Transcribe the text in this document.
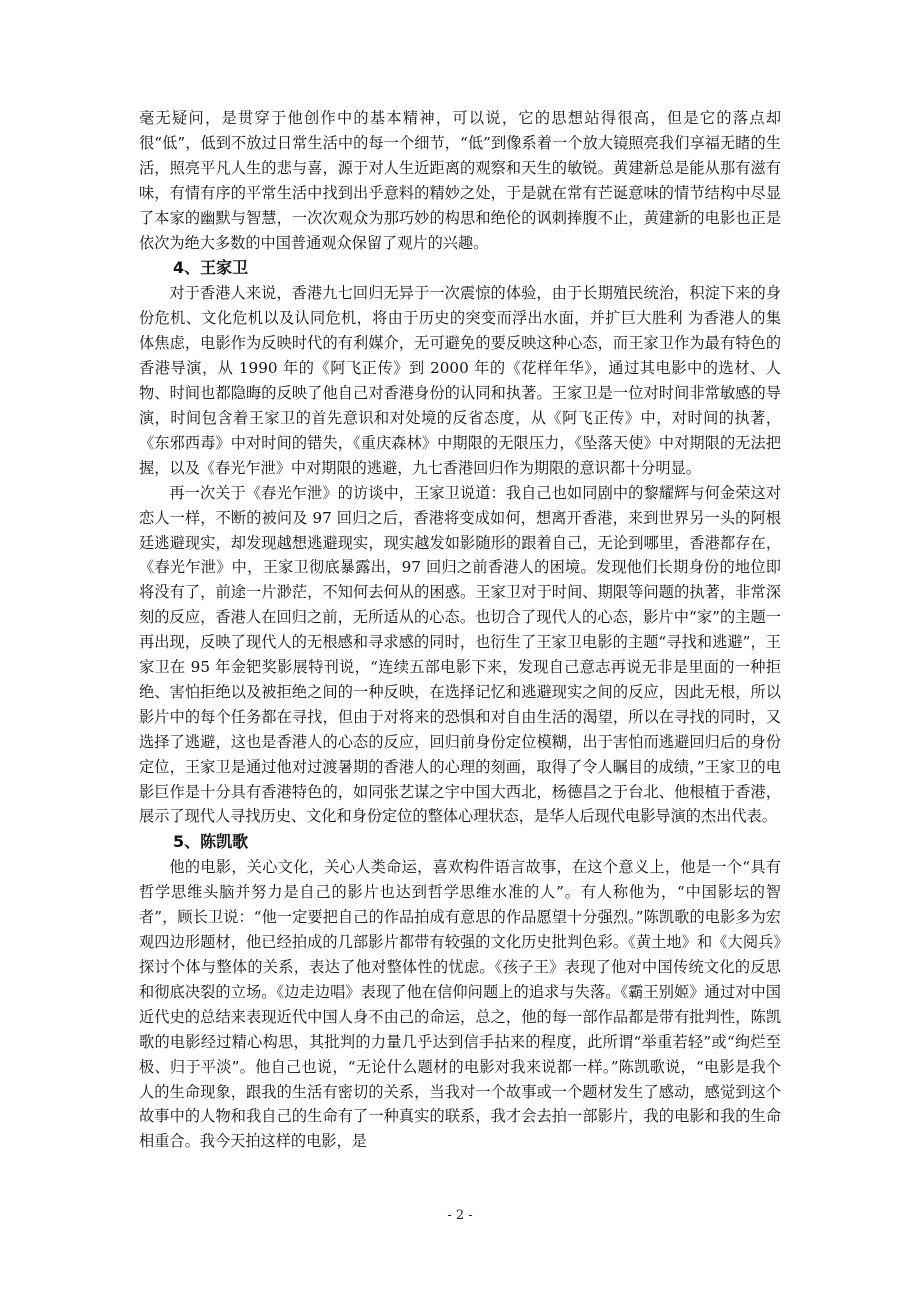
毫无疑问，是贯穿于他创作中的基本精神，可以说，它的思想站得很高，但是它的落点却很“低”，低到不放过日常生活中的每一个细节，“低”到像系着一个放大镜照亮我们享福无睹的生活，照亮平凡人生的悲与喜，源于对人生近距离的观察和天生的敏锐。黄建新总是能从那有滋有味，有情有序的平常生活中找到出乎意料的精妙之处，于是就在常有芒诞意味的情节结构中尽显了本家的幽默与智慧，一次次观众为那巧妙的构思和绝伦的讽刺捧腹不止，黄建新的电影也正是依次为绝大多数的中国普通观众保留了观片的兴趣。

4、王家卫

对于香港人来说，香港九七回归无异于一次震惊的体验，由于长期殖民统治，积淀下来的身份危机、文化危机以及认同危机，将由于历史的突变而浮出水面，并扩巨大胜利 为香港人的集体焦虑，电影作为反映时代的有利媒介，无可避免的要反映这种心态，而王家卫作为最有特色的香港导演，从 1990 年的《阿飞正传》到 2000 年的《花样年华》，通过其电影中的选材、人物、时间也都隐晦的反映了他自己对香港身份的认同和执著。王家卫是一位对时间非常敏感的导演，时间包含着王家卫的首先意识和对处境的反省态度，从《阿飞正传》中，对时间的执著，《东邪西毒》中对时间的错失，《重庆森林》中期限的无限压力，《坠落天使》中对期限的无法把握，以及《春光乍泄》中对期限的逃避，九七香港回归作为期限的意识都十分明显。

再一次关于《春光乍泄》的访谈中，王家卫说道：我自己也如同剧中的黎耀辉与何金荣这对恋人一样，不断的被问及 97 回归之后，香港将变成如何，想离开香港，来到世界另一头的阿根廷逃避现实，却发现越想逃避现实，现实越发如影随形的跟着自己，无论到哪里，香港都存在，《春光乍泄》中，王家卫彻底暴露出，97 回归之前香港人的困境。发现他们长期身份的地位即将没有了，前途一片渺茫，不知何去何从的困惑。王家卫对于时间、期限等问题的执著，非常深刻的反应，香港人在回归之前，无所适从的心态。也切合了现代人的心态，影片中“家”的主题一再出现，反映了现代人的无根感和寻求感的同时，也衍生了王家卫电影的主题“寻找和逃避”，王家卫在 95 年金钯奖影展特刊说，“连续五部电影下来，发现自己意志再说无非是里面的一种拒绝、害怕拒绝以及被拒绝之间的一种反映，在选择记忆和逃避现实之间的反应，因此无根，所以影片中的每个任务都在寻找，但由于对将来的恐惧和对自由生活的渴望，所以在寻找的同时，又选择了逃避，这也是香港人的心态的反应，回归前身份定位模糊，出于害怕而逃避回归后的身份定位，王家卫是通过他对过渡暑期的香港人的心理的刻画，取得了令人瞩目的成绩，”王家卫的电影巨作是十分具有香港特色的，如同张艺谋之宇中国大西北，杨德昌之于台北、他根植于香港，展示了现代人寻找历史、文化和身份定位的整体心理状态，是华人后现代电影导演的杰出代表。

5、陈凯歌

他的电影，关心文化，关心人类命运，喜欢构件语言故事，在这个意义上，他是一个“具有哲学思维头脑并努力是自己的影片也达到哲学思维水准的人”。有人称他为，“中国影坛的智者”，顾长卫说：“他一定要把自己的作品拍成有意思的作品愿望十分强烈。”陈凯歌的电影多为宏观四边形题材，他已经拍成的几部影片都带有较强的文化历史批判色彩。《黄土地》和《大阅兵》探讨个体与整体的关系，表达了他对整体性的忧虑。《孩子王》表现了他对中国传统文化的反思和彻底决裂的立场。《边走边唱》表现了他在信仰问题上的追求与失落。《霸王别姬》通过对中国近代史的总结来表现近代中国人身不由己的命运，总之，他的每一部作品都是带有批判性，陈凯歌的电影经过精心构思，其批判的力量几乎达到信手拈来的程度，此所谓“举重若轻”或“绚烂至极、归于平淡”。他自己也说，“无论什么题材的电影对我来说都一样。”陈凯歌说，“电影是我个人的生命现象，跟我的生活有密切的关系，当我对一个故事或一个题材发生了感动，感觉到这个故事中的人物和我自己的生命有了一种真实的联系，我才会去拍一部影片，我的电影和我的生命相重合。我今天拍这样的电影，是

- 2 -
